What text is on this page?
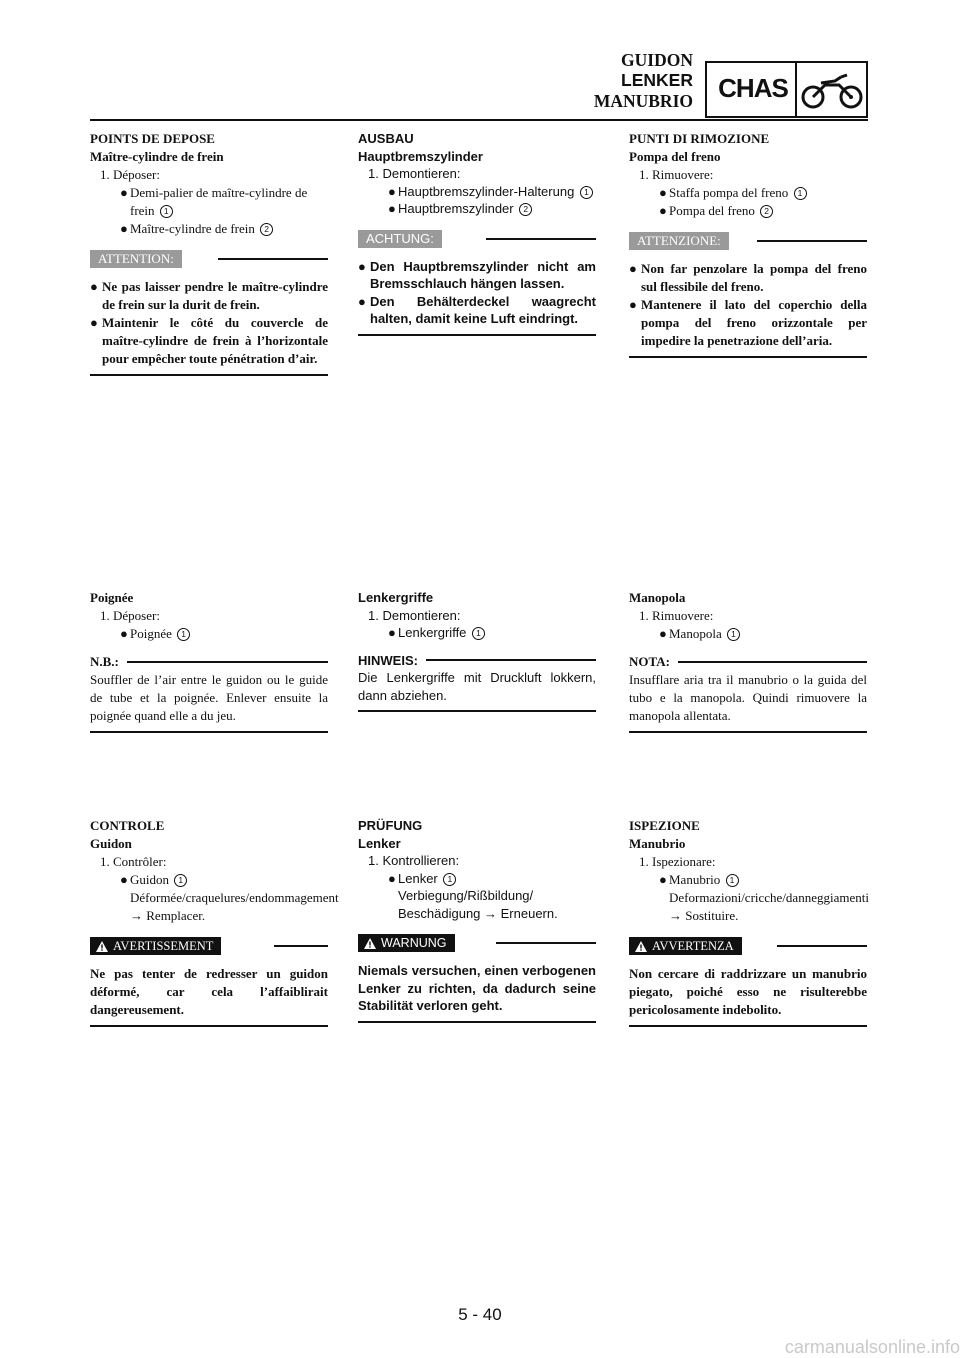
GUIDON
LENKER
MANUBRIO CHAS
POINTS DE DEPOSE
Maître-cylindre de frein
1. Déposer:
● Demi-palier de maître-cylindre de frein 1
● Maître-cylindre de frein 2
ATTENTION:
● Ne pas laisser pendre le maître-cylindre de frein sur la durit de frein.
● Maintenir le côté du couvercle de maître-cylindre de frein à l’horizontale pour empêcher toute pénétration d’air.
AUSBAU
Hauptbremszylinder
1. Demontieren:
● Hauptbremszylinder-Halterung 1
● Hauptbremszylinder 2
ACHTUNG:
● Den Hauptbremszylinder nicht am Bremsschlauch hängen lassen.
● Den Behälterdeckel waagrecht halten, damit keine Luft eindringt.
PUNTI DI RIMOZIONE
Pompa del freno
1. Rimuovere:
● Staffa pompa del freno 1
● Pompa del freno 2
ATTENZIONE:
● Non far penzolare la pompa del freno sul flessibile del freno.
● Mantenere il lato del coperchio della pompa del freno orizzontale per impedire la penetrazione dell’aria.
Poignée
1. Déposer:
● Poignée 1
N.B.:
Souffler de l’air entre le guidon ou le guide de tube et la poignée. Enlever ensuite la poignée quand elle a du jeu.
Lenkergriffe
1. Demontieren:
● Lenkergriffe 1
HINWEIS:
Die Lenkergriffe mit Druckluft lokkern, dann abziehen.
Manopola
1. Rimuovere:
● Manopola 1
NOTA:
Insufflare aria tra il manubrio o la guida del tubo e la manopola. Quindi rimuovere la manopola allentata.
CONTROLE
Guidon
1. Contrôler:
● Guidon 1
Déformée/craquelures/endommagement → Remplacer.
AVERTISSEMENT
Ne pas tenter de redresser un guidon déformé, car cela l’affaiblirait dangereusement.
PRÜFUNG
Lenker
1. Kontrollieren:
● Lenker 1
Verbiegung/Rißbildung/ Beschädigung → Erneuern.
WARNUNG
Niemals versuchen, einen verbogenen Lenker zu richten, da dadurch seine Stabilität verloren geht.
ISPEZIONE
Manubrio
1. Ispezionare:
● Manubrio 1
Deformazioni/cricche/danneggiamenti → Sostituire.
AVVERTENZA
Non cercare di raddrizzare un manubrio piegato, poiché esso ne risulterebbe pericolosamente indebolito.
5 - 40
carmanualsonline.info
